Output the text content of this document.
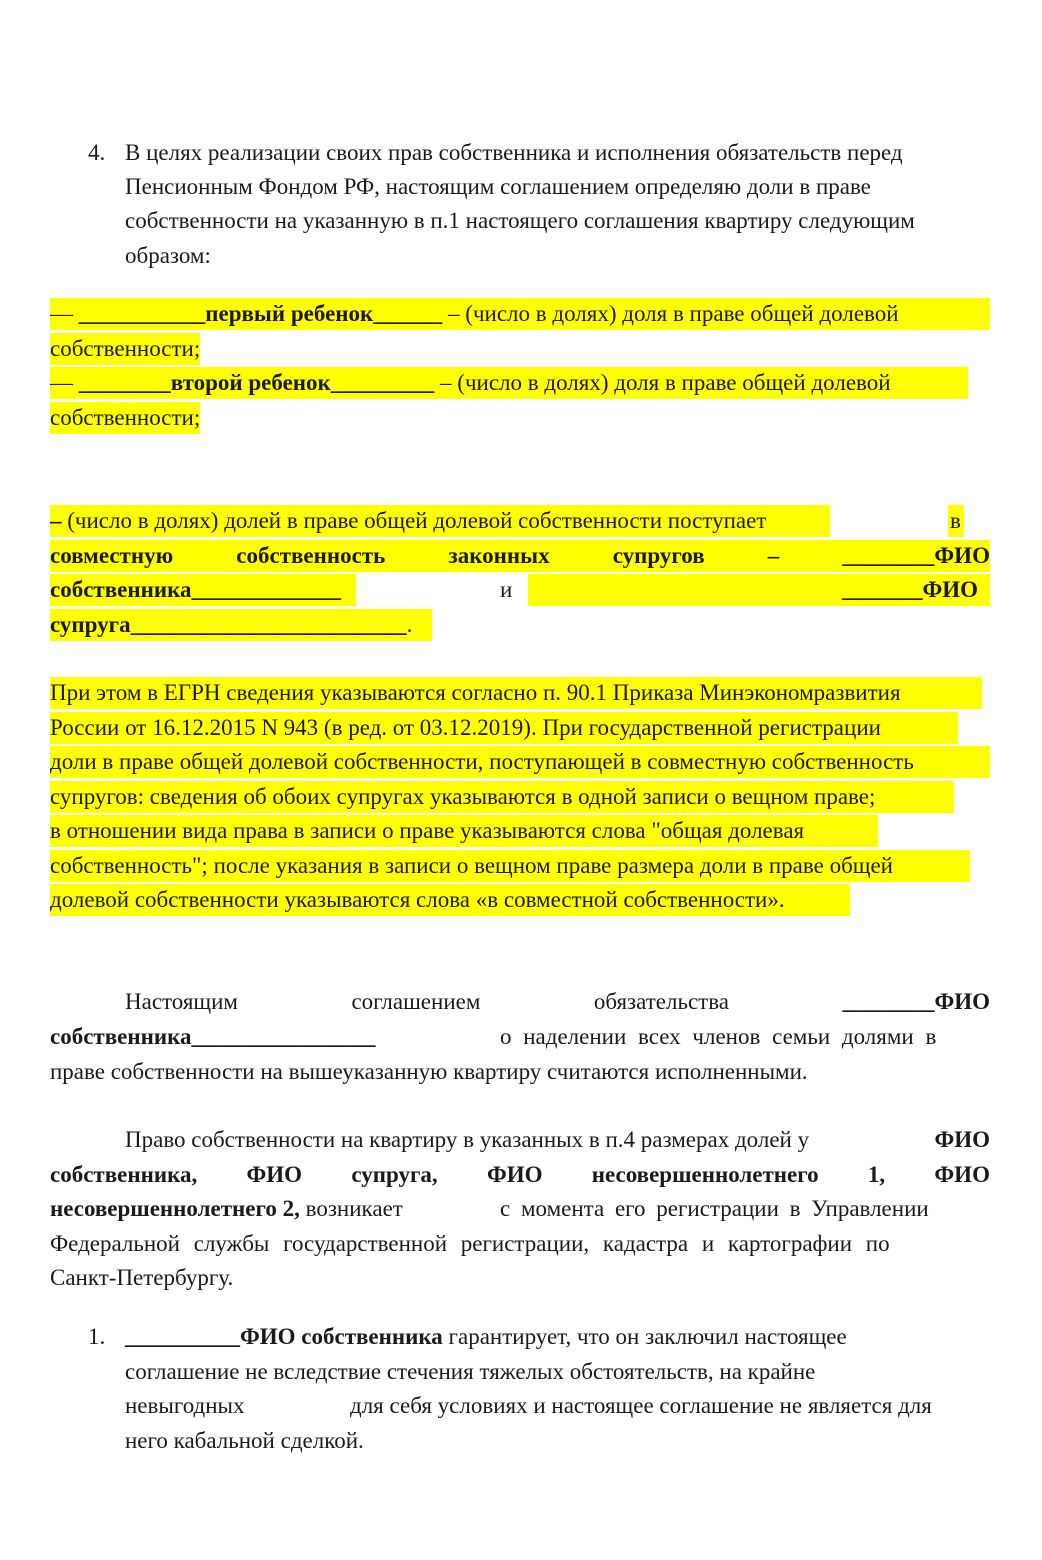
4. В целях реализации своих прав собственника и исполнения обязательств перед
Пенсионным Фондом РФ, настоящим соглашением определяю доли в праве
собственности на указанную в п.1 настоящего соглашения квартиру следующим
образом:
— ___________первый ребенок______ – (число в долях) доля в праве общей долевой
собственности;
— ________второй ребенок_________ – (число в долях) доля в праве общей долевой
собственности;
– (число в долях) долей в праве общей долевой собственности поступает	в
совместную	собственность	законных	супругов	–	________ФИО
собственника_____________	и	_______ФИО
супруга________________________.
При этом в ЕГРН сведения указываются согласно п. 90.1 Приказа Минэкономразвития
России от 16.12.2015 N 943 (в ред. от 03.12.2019). При государственной регистрации
доли в праве общей долевой собственности, поступающей в совместную собственность
супругов: сведения об обоих супругах указываются в одной записи о вещном праве;
в отношении вида права в записи о праве указываются слова "общая долевая
собственность"; после указания в записи о вещном праве размера доли в праве общей
долевой собственности указываются слова «в совместной собственности».
Настоящим	соглашением	обязательства	________ФИО
собственника________________	о наделении всех членов семьи долями в
праве собственности на вышеуказанную квартиру считаются исполненными.
Право собственности на квартиру в указанных в п.4 размерах долей у	ФИО
собственника, ФИО супруга, ФИО несовершеннолетнего 1, ФИО
несовершеннолетнего 2, возникает	с момента его регистрации в Управлении
Федеральной службы государственной регистрации, кадастра и картографии по
Санкт-Петербургу.
1. __________ФИО собственника гарантирует, что он заключил настоящее
соглашение не вследствие стечения тяжелых обстоятельств, на крайне
невыгодных	для себя условиях и настоящее соглашение не является для
него кабальной сделкой.
